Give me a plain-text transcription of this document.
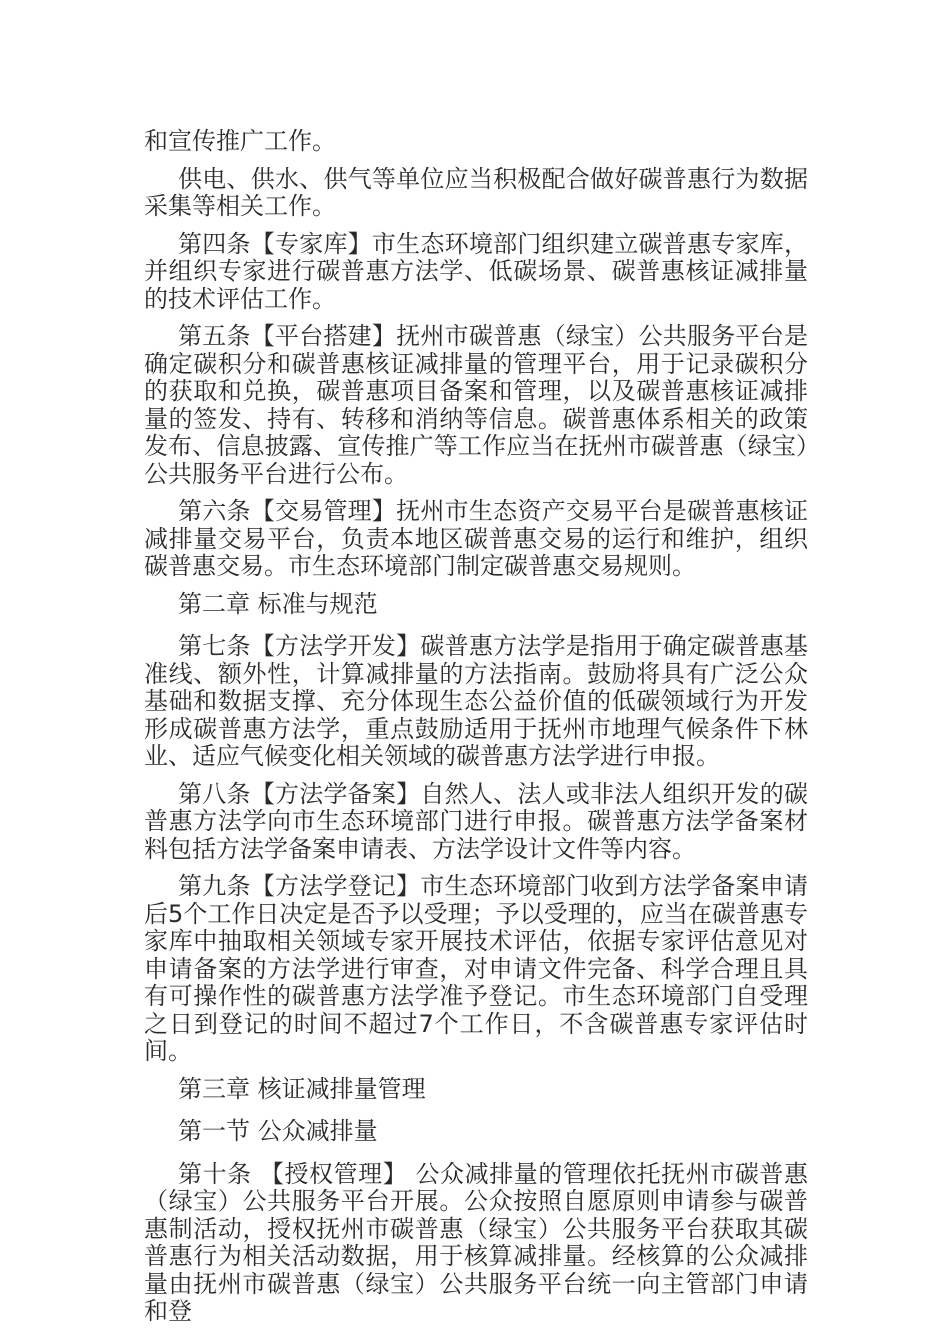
和宣传推广工作。

供电、供水、供气等单位应当积极配合做好碳普惠行为数据采集等相关工作。

第四条【专家库】市生态环境部门组织建立碳普惠专家库，并组织专家进行碳普惠方法学、低碳场景、碳普惠核证减排量的技术评估工作。

第五条【平台搭建】抚州市碳普惠（绿宝）公共服务平台是确定碳积分和碳普惠核证减排量的管理平台，用于记录碳积分的获取和兑换，碳普惠项目备案和管理，以及碳普惠核证减排量的签发、持有、转移和消纳等信息。碳普惠体系相关的政策发布、信息披露、宣传推广等工作应当在抚州市碳普惠（绿宝）公共服务平台进行公布。

第六条【交易管理】抚州市生态资产交易平台是碳普惠核证减排量交易平台，负责本地区碳普惠交易的运行和维护，组织碳普惠交易。市生态环境部门制定碳普惠交易规则。

第二章 标准与规范

第七条【方法学开发】碳普惠方法学是指用于确定碳普惠基准线、额外性，计算减排量的方法指南。鼓励将具有广泛公众基础和数据支撑、充分体现生态公益价值的低碳领域行为开发形成碳普惠方法学，重点鼓励适用于抚州市地理气候条件下林业、适应气候变化相关领域的碳普惠方法学进行申报。

第八条【方法学备案】自然人、法人或非法人组织开发的碳普惠方法学向市生态环境部门进行申报。碳普惠方法学备案材料包括方法学备案申请表、方法学设计文件等内容。

第九条【方法学登记】市生态环境部门收到方法学备案申请后5个工作日决定是否予以受理；予以受理的，应当在碳普惠专家库中抽取相关领域专家开展技术评估，依据专家评估意见对申请备案的方法学进行审查，对申请文件完备、科学合理且具有可操作性的碳普惠方法学准予登记。市生态环境部门自受理之日到登记的时间不超过7个工作日，不含碳普惠专家评估时间。

第三章 核证减排量管理

第一节 公众减排量

第十条 【授权管理】 公众减排量的管理依托抚州市碳普惠（绿宝）公共服务平台开展。公众按照自愿原则申请参与碳普惠制活动，授权抚州市碳普惠（绿宝）公共服务平台获取其碳普惠行为相关活动数据，用于核算减排量。经核算的公众减排量由抚州市碳普惠（绿宝）公共服务平台统一向主管部门申请和登
